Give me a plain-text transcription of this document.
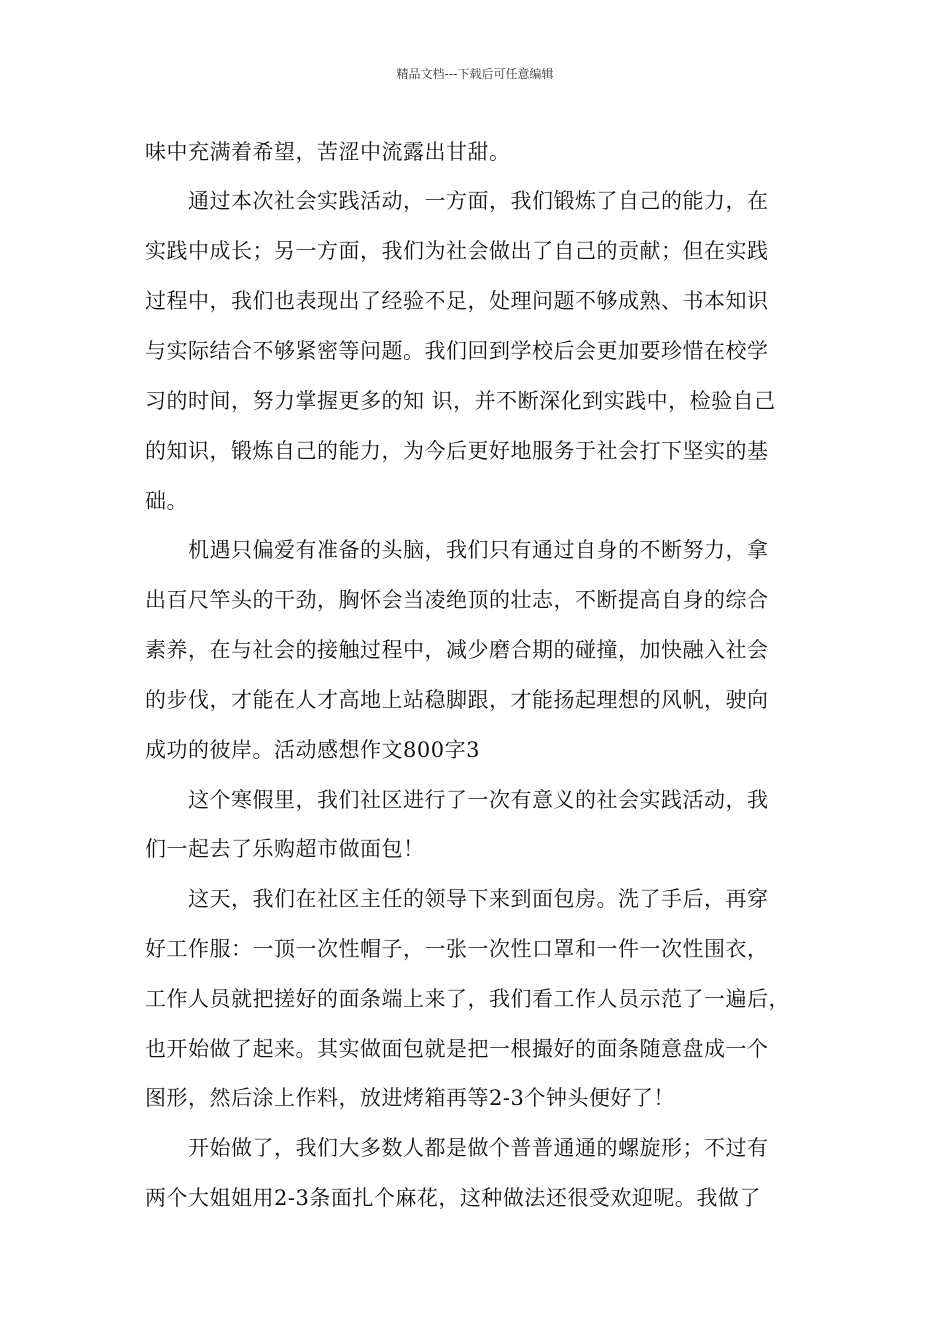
精品文档---下载后可任意编辑
味中充满着希望，苦涩中流露出甘甜。
　　通过本次社会实践活动，一方面，我们锻炼了自己的能力，在
实践中成长；另一方面，我们为社会做出了自己的贡献；但在实践
过程中，我们也表现出了经验不足，处理问题不够成熟、书本知识
与实际结合不够紧密等问题。我们回到学校后会更加要珍惜在校学
习的时间，努力掌握更多的知 识，并不断深化到实践中，检验自己
的知识，锻炼自己的能力，为今后更好地服务于社会打下坚实的基
础。
　　机遇只偏爱有准备的头脑，我们只有通过自身的不断努力，拿
出百尺竿头的干劲，胸怀会当凌绝顶的壮志，不断提高自身的综合
素养，在与社会的接触过程中，减少磨合期的碰撞，加快融入社会
的步伐，才能在人才高地上站稳脚跟，才能扬起理想的风帆，驶向
成功的彼岸。活动感想作文800字3
　　这个寒假里，我们社区进行了一次有意义的社会实践活动，我
们一起去了乐购超市做面包！
　　这天，我们在社区主任的领导下来到面包房。洗了手后，再穿
好工作服：一顶一次性帽子，一张一次性口罩和一件一次性围衣，
工作人员就把搓好的面条端上来了，我们看工作人员示范了一遍后，
也开始做了起来。其实做面包就是把一根撮好的面条随意盘成一个
图形，然后涂上作料，放进烤箱再等2-3个钟头便好了！
　　开始做了，我们大多数人都是做个普普通通的螺旋形；不过有
两个大姐姐用2-3条面扎个麻花，这种做法还很受欢迎呢。我做了
